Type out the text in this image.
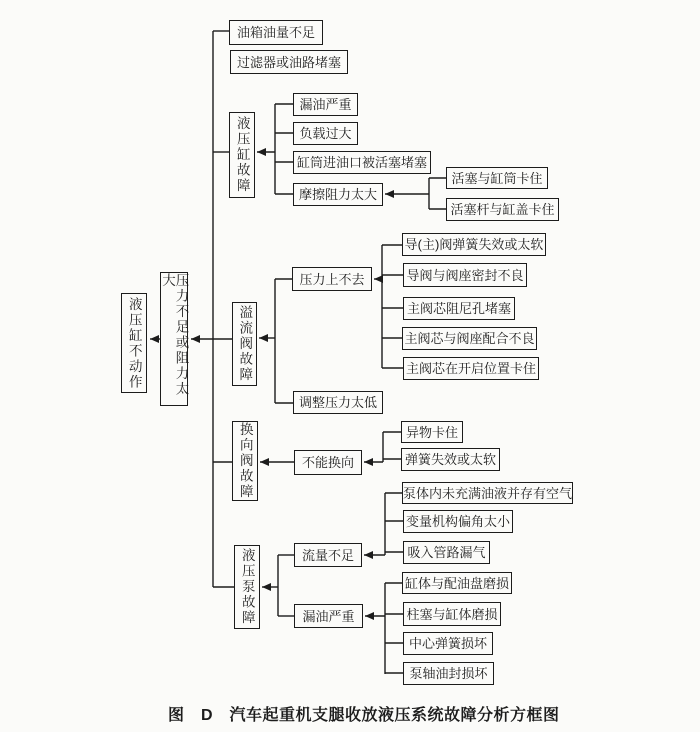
液压缸不动作	压力不足或阻力太大
油箱油量不足
过滤器或油路堵塞
液压缸故障
溢流阀故障
换向阀故障
液压泵故障
漏油严重
负载过大
缸筒进油口被活塞堵塞
摩擦阻力太大
活塞与缸筒卡住
活塞杆与缸盖卡住
压力上不去
导(主)阀弹簧失效或太软
导阀与阀座密封不良
主阀芯阻尼孔堵塞
主阀芯与阀座配合不良
主阀芯在开启位置卡住
调整压力太低
不能换向
异物卡住
弹簧失效或太软
流量不足
泵体内未充满油液并存有空气
变量机构偏角太小
吸入管路漏气
漏油严重
缸体与配油盘磨损
柱塞与缸体磨损
中心弹簧损坏
泵轴油封损坏
图　D　汽车起重机支腿收放液压系统故障分析方框图
